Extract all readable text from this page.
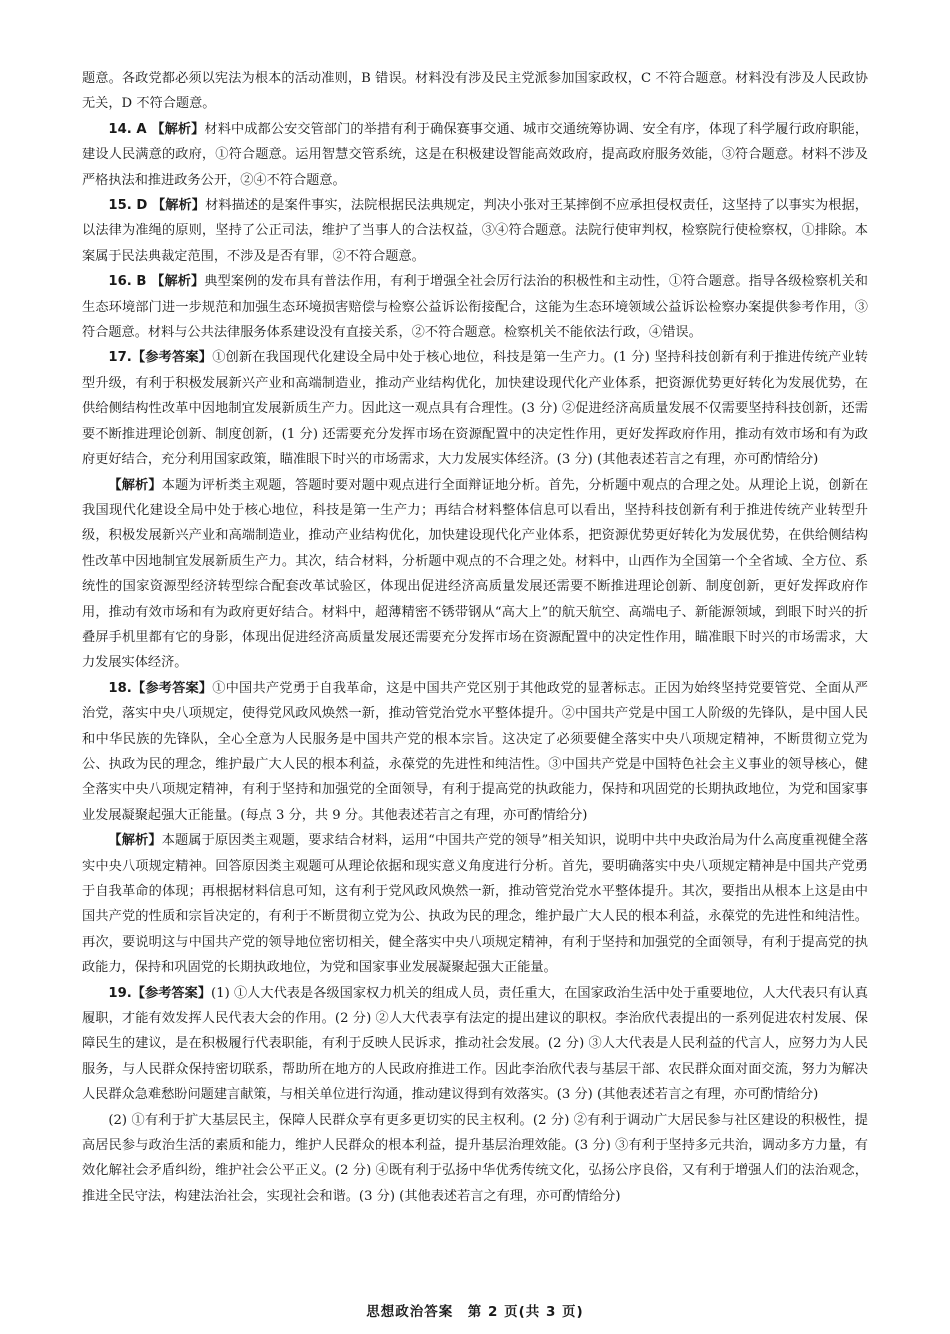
题意。各政党都必须以宪法为根本的活动准则，B 错误。材料没有涉及民主党派参加国家政权，C 不符合题意。材料没有涉及人民政协无关，D 不符合题意。

14. A 【解析】材料中成都公安交管部门的举措有利于确保赛事交通、城市交通统筹协调、安全有序，体现了科学履行政府职能，建设人民满意的政府，①符合题意。运用智慧交管系统，这是在积极建设智能高效政府，提高政府服务效能，③符合题意。材料不涉及严格执法和推进政务公开，②④不符合题意。

15. D 【解析】材料描述的是案件事实，法院根据民法典规定，判决小张对王某摔倒不应承担侵权责任，这坚持了以事实为根据，以法律为准绳的原则，坚持了公正司法，维护了当事人的合法权益，③④符合题意。法院行使审判权，检察院行使检察权，①排除。本案属于民法典裁定范围，不涉及是否有罪，②不符合题意。

16. B 【解析】典型案例的发布具有普法作用，有利于增强全社会厉行法治的积极性和主动性，①符合题意。指导各级检察机关和生态环境部门进一步规范和加强生态环境损害赔偿与检察公益诉讼衔接配合，这能为生态环境领域公益诉讼检察办案提供参考作用，③符合题意。材料与公共法律服务体系建设没有直接关系，②不符合题意。检察机关不能依法行政，④错误。

17.【参考答案】①创新在我国现代化建设全局中处于核心地位，科技是第一生产力。(1 分) 坚持科技创新有利于推进传统产业转型升级，有利于积极发展新兴产业和高端制造业，推动产业结构优化，加快建设现代化产业体系，把资源优势更好转化为发展优势，在供给侧结构性改革中因地制宜发展新质生产力。因此这一观点具有合理性。(3 分) ②促进经济高质量发展不仅需要坚持科技创新，还需要不断推进理论创新、制度创新，(1 分) 还需要充分发挥市场在资源配置中的决定性作用，更好发挥政府作用，推动有效市场和有为政府更好结合，充分利用国家政策，瞄准眼下时兴的市场需求，大力发展实体经济。(3 分) (其他表述若言之有理，亦可酌情给分)

【解析】本题为评析类主观题，答题时要对题中观点进行全面辩证地分析。首先，分析题中观点的合理之处。从理论上说，创新在我国现代化建设全局中处于核心地位，科技是第一生产力；再结合材料整体信息可以看出，坚持科技创新有利于推进传统产业转型升级，积极发展新兴产业和高端制造业，推动产业结构优化，加快建设现代化产业体系，把资源优势更好转化为发展优势，在供给侧结构性改革中因地制宜发展新质生产力。其次，结合材料，分析题中观点的不合理之处。材料中，山西作为全国第一个全省域、全方位、系统性的国家资源型经济转型综合配套改革试验区，体现出促进经济高质量发展还需要不断推进理论创新、制度创新，更好发挥政府作用，推动有效市场和有为政府更好结合。材料中，超薄精密不锈带钢从“高大上”的航天航空、高端电子、新能源领域，到眼下时兴的折叠屏手机里都有它的身影，体现出促进经济高质量发展还需要充分发挥市场在资源配置中的决定性作用，瞄准眼下时兴的市场需求，大力发展实体经济。

18.【参考答案】①中国共产党勇于自我革命，这是中国共产党区别于其他政党的显著标志。正因为始终坚持党要管党、全面从严治党，落实中央八项规定，使得党风政风焕然一新，推动管党治党水平整体提升。②中国共产党是中国工人阶级的先锋队，是中国人民和中华民族的先锋队，全心全意为人民服务是中国共产党的根本宗旨。这决定了必须要健全落实中央八项规定精神，不断贯彻立党为公、执政为民的理念，维护最广大人民的根本利益，永葆党的先进性和纯洁性。③中国共产党是中国特色社会主义事业的领导核心，健全落实中央八项规定精神，有利于坚持和加强党的全面领导，有利于提高党的执政能力，保持和巩固党的长期执政地位，为党和国家事业发展凝聚起强大正能量。(每点 3 分，共 9 分。其他表述若言之有理，亦可酌情给分)

【解析】本题属于原因类主观题，要求结合材料，运用“中国共产党的领导”相关知识，说明中共中央政治局为什么高度重视健全落实中央八项规定精神。回答原因类主观题可从理论依据和现实意义角度进行分析。首先，要明确落实中央八项规定精神是中国共产党勇于自我革命的体现；再根据材料信息可知，这有利于党风政风焕然一新，推动管党治党水平整体提升。其次，要指出从根本上这是由中国共产党的性质和宗旨决定的，有利于不断贯彻立党为公、执政为民的理念，维护最广大人民的根本利益，永葆党的先进性和纯洁性。再次，要说明这与中国共产党的领导地位密切相关，健全落实中央八项规定精神，有利于坚持和加强党的全面领导，有利于提高党的执政能力，保持和巩固党的长期执政地位，为党和国家事业发展凝聚起强大正能量。

19.【参考答案】(1) ①人大代表是各级国家权力机关的组成人员，责任重大，在国家政治生活中处于重要地位，人大代表只有认真履职，才能有效发挥人民代表大会的作用。(2 分) ②人大代表享有法定的提出建议的职权。李治欣代表提出的一系列促进农村发展、保障民生的建议，是在积极履行代表职能，有利于反映人民诉求，推动社会发展。(2 分) ③人大代表是人民利益的代言人，应努力为人民服务，与人民群众保持密切联系，帮助所在地方的人民政府推进工作。因此李治欣代表与基层干部、农民群众面对面交流，努力为解决人民群众急难愁盼问题建言献策，与相关单位进行沟通，推动建议得到有效落实。(3 分) (其他表述若言之有理，亦可酌情给分)

(2) ①有利于扩大基层民主，保障人民群众享有更多更切实的民主权利。(2 分) ②有利于调动广大居民参与社区建设的积极性，提高居民参与政治生活的素质和能力，维护人民群众的根本利益，提升基层治理效能。(3 分) ③有利于坚持多元共治，调动多方力量，有效化解社会矛盾纠纷，维护社会公平正义。(2 分) ④既有利于弘扬中华优秀传统文化，弘扬公序良俗，又有利于增强人们的法治观念，推进全民守法，构建法治社会，实现社会和谐。(3 分) (其他表述若言之有理，亦可酌情给分)

思想政治答案　第 2 页(共 3 页)
